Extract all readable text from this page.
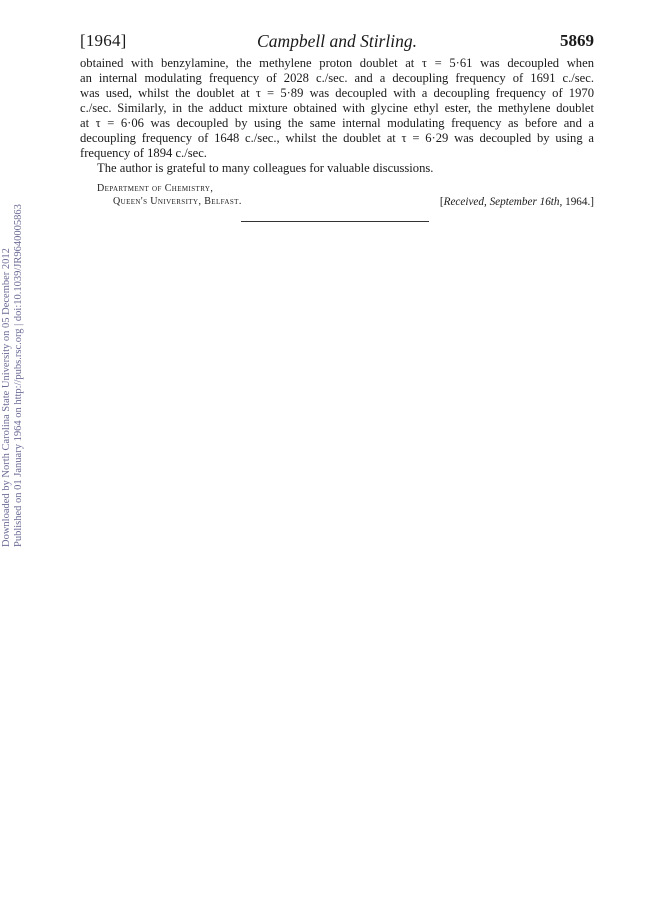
Downloaded by North Carolina State University on 05 December 2012 Published on 01 January 1964 on http://pubs.rsc.org | doi:10.1039/JR9640005863
[1964]	Campbell and Stirling.	5869
obtained with benzylamine, the methylene proton doublet at τ = 5·61 was decoupled when
an internal modulating frequency of 2028 c./sec. and a decoupling frequency of 1691 c./sec.
was used, whilst the doublet at τ = 5·89 was decoupled with a decoupling frequency of 1970
c./sec. Similarly, in the adduct mixture obtained with glycine ethyl ester, the methylene doublet
at τ = 6·06 was decoupled by using the same internal modulating frequency as before and a
decoupling frequency of 1648 c./sec., whilst the doublet at τ = 6·29 was decoupled by using a
frequency of 1894 c./sec.
The author is grateful to many colleagues for valuable discussions.
Department of Chemistry,
Queen's University, Belfast.	[Received, September 16th, 1964.]
